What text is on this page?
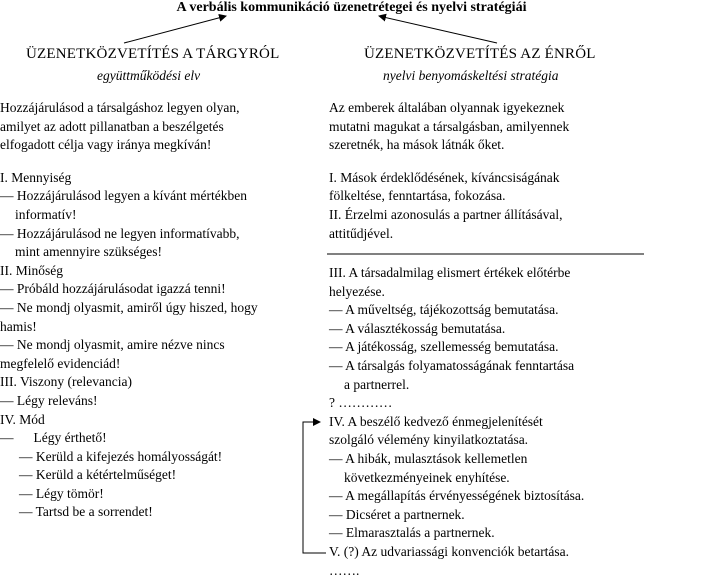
A verbális kommunikáció üzenetrétegei és nyelvi stratégiái
ÜZENETKÖZVETÍTÉS A TÁRGYRÓL
együttműködési elv
ÜZENETKÖZVETÍTÉS AZ ÉNRŐL
nyelvi benyomáskeltési stratégia
Hozzájárulásod a társalgáshoz legyen olyan,
amilyet az adott pillanatban a beszélgetés
elfogadott célja vagy iránya megkíván!
I. Mennyiség
— Hozzájárulásod legyen a kívánt mértékben
informatív!
— Hozzájárulásod ne legyen informatívabb,
mint amennyire szükséges!
II. Minőség
— Próbáld hozzájárulásodat igazzá tenni!
— Ne mondj olyasmit, amiről úgy hiszed, hogy
hamis!
— Ne mondj olyasmit, amire nézve nincs
megfelelő evidenciád!
III. Viszony (relevancia)
— Légy releváns!
IV. Mód
— Légy érthető!
— Kerüld a kifejezés homályosságát!
— Kerüld a kétértelműséget!
— Légy tömör!
— Tartsd be a sorrendet!
Az emberek általában olyannak igyekeznek
mutatni magukat a társalgásban, amilyennek
szeretnék, ha mások látnák őket.
I. Mások érdeklődésének, kíváncsiságának
fölkeltése, fenntartása, fokozása.
II. Érzelmi azonosulás a partner állításával,
attitűdjével.
III. A társadalmilag elismert értékek előtérbe
helyezése.
— A műveltség, tájékozottság bemutatása.
— A választékosság bemutatása.
— A játékosság, szellemesség bemutatása.
— A társalgás folyamatosságának fenntartása
a partnerrel.
? …………
IV. A beszélő kedvező énmegjelenítését
szolgáló vélemény kinyilatkoztatása.
— A hibák, mulasztások kellemetlen
következményeinek enyhítése.
— A megállapítás érvényességének biztosítása.
— Dicséret a partnernek.
— Elmarasztalás a partnernek.
V. (?) Az udvariassági konvenciók betartása.
…….
